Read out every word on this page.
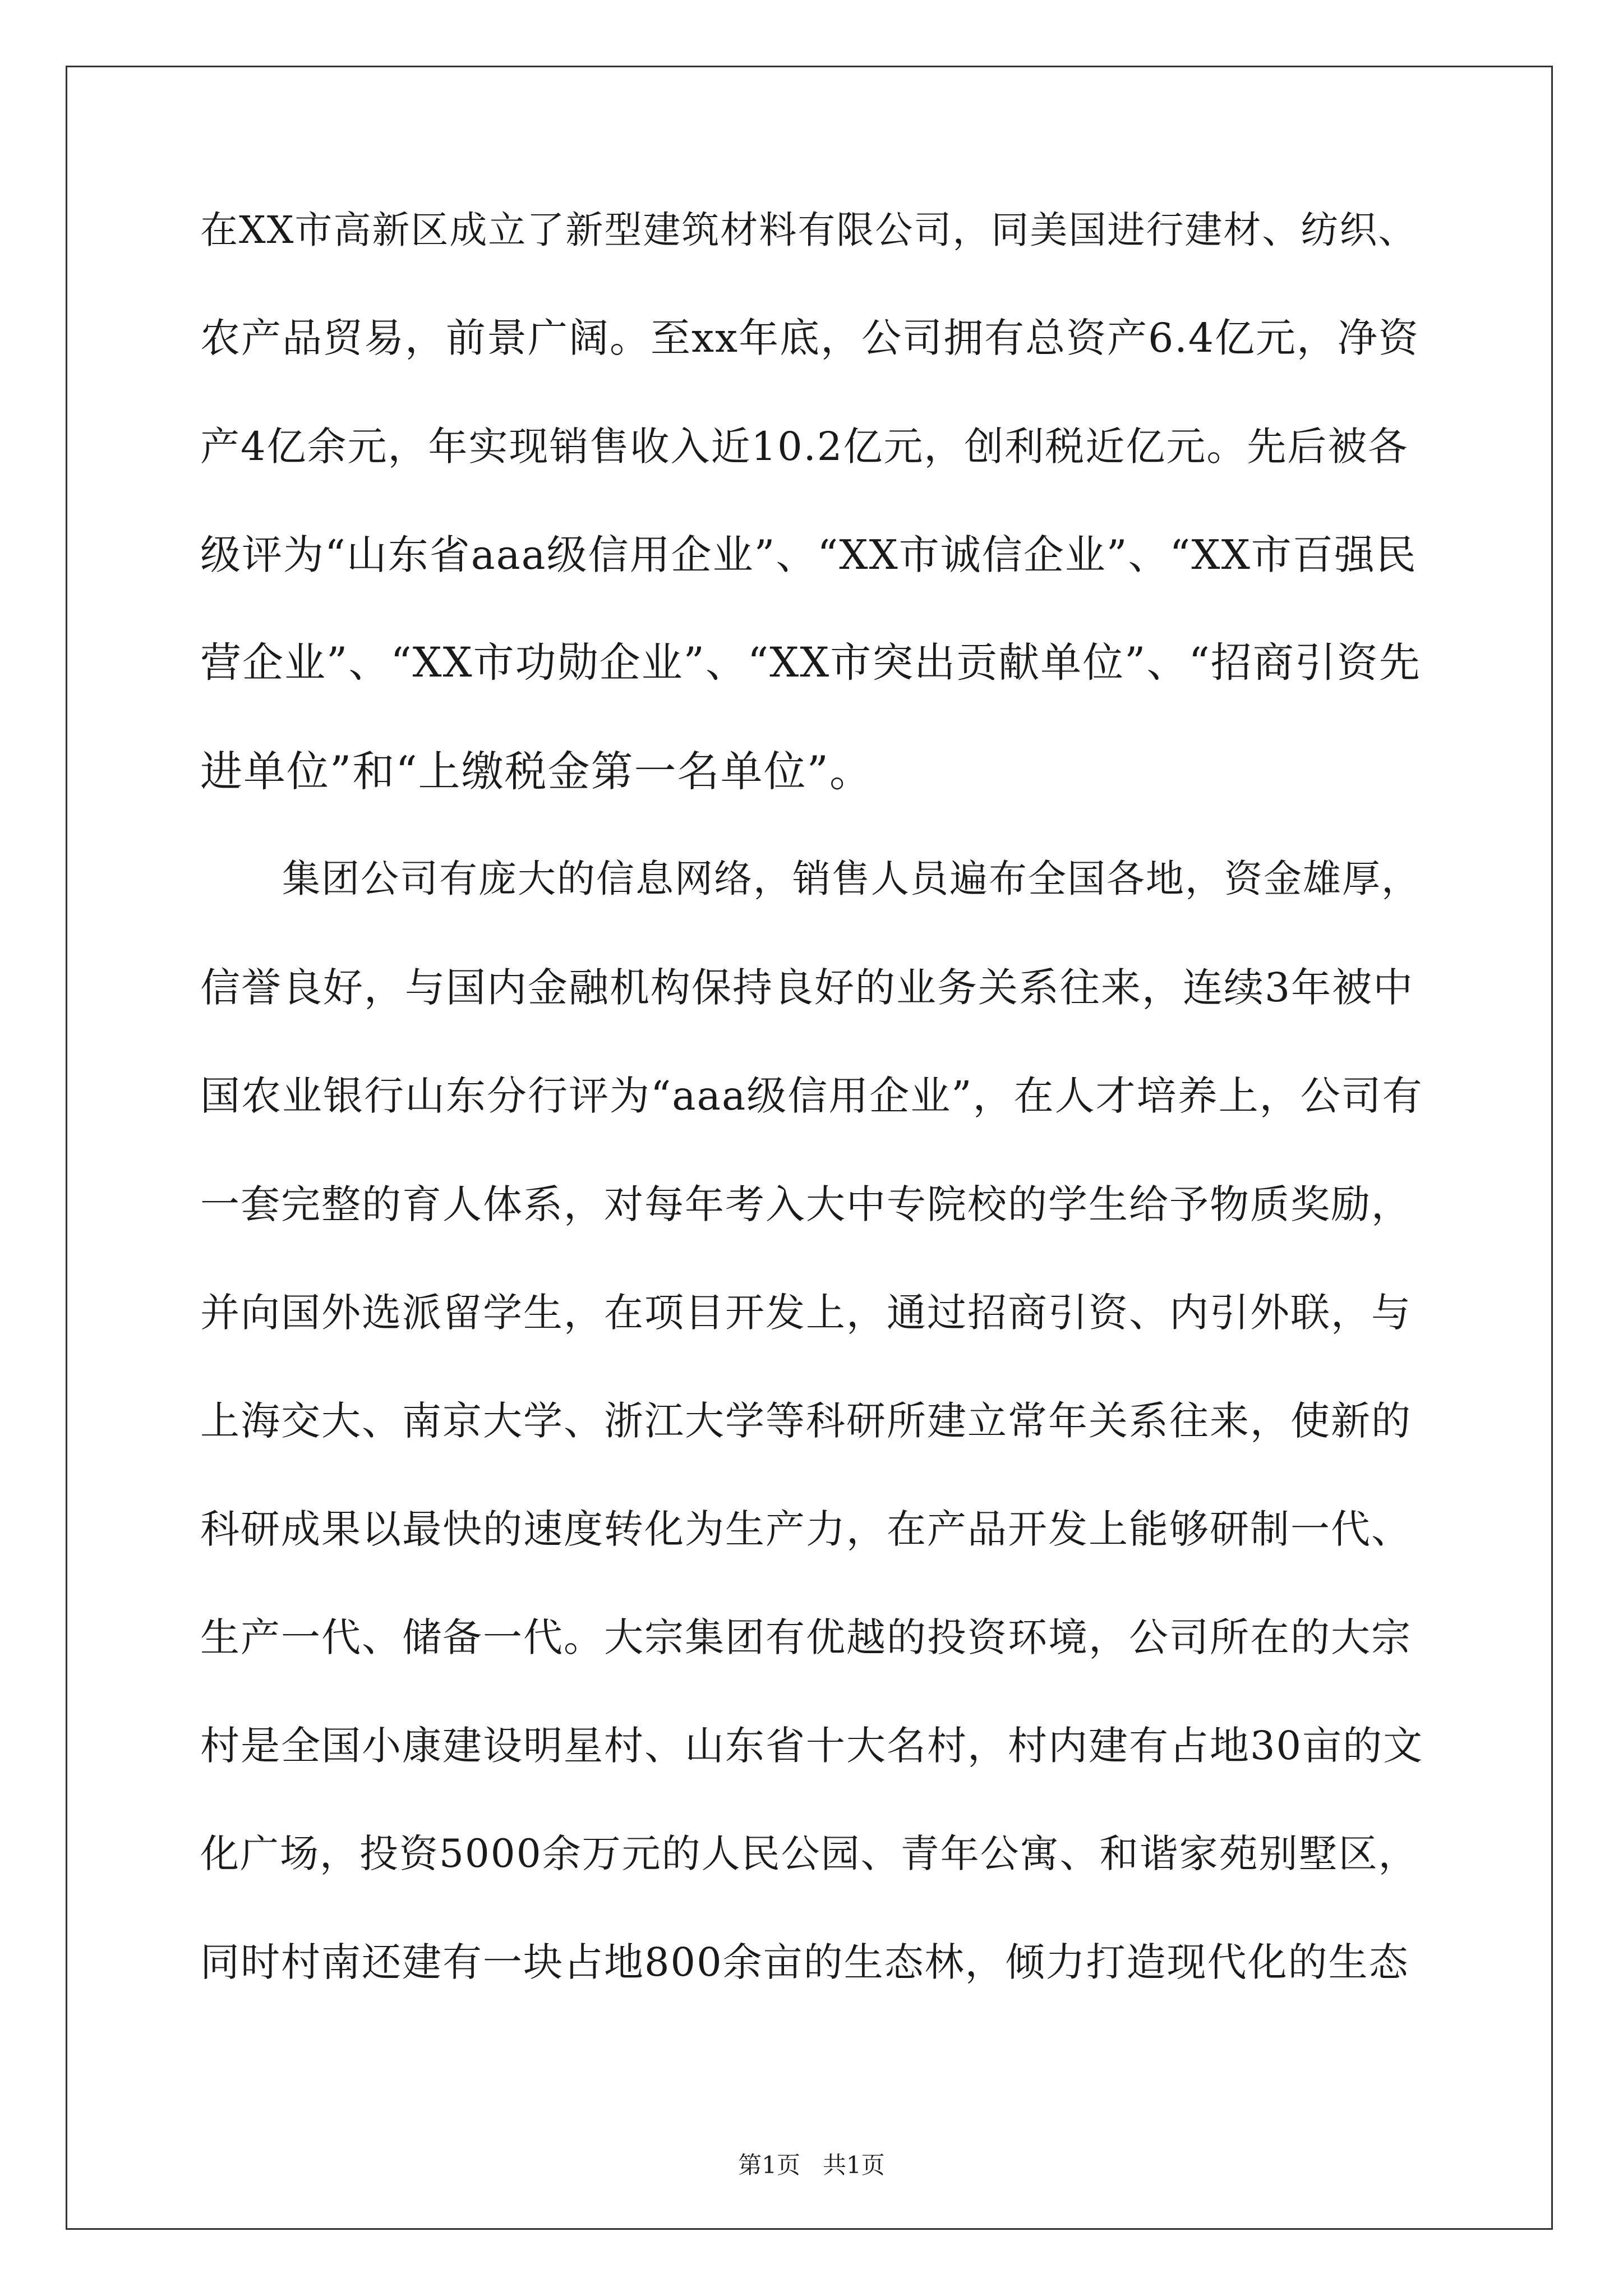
在XX市高新区成立了新型建筑材料有限公司，同美国进行建材、纺织、
农产品贸易，前景广阔。至xx年底，公司拥有总资产6.4亿元，净资
产4亿余元，年实现销售收入近10.2亿元，创利税近亿元。先后被各
级评为“山东省aaa级信用企业”、“XX市诚信企业”、“XX市百强民
营企业”、“XX市功勋企业”、“XX市突出贡献单位”、“招商引资先
进单位”和“上缴税金第一名单位”。
集团公司有庞大的信息网络，销售人员遍布全国各地，资金雄厚，
信誉良好，与国内金融机构保持良好的业务关系往来，连续3年被中
国农业银行山东分行评为“aaa级信用企业”，在人才培养上，公司有
一套完整的育人体系，对每年考入大中专院校的学生给予物质奖励，
并向国外选派留学生，在项目开发上，通过招商引资、内引外联，与
上海交大、南京大学、浙江大学等科研所建立常年关系往来，使新的
科研成果以最快的速度转化为生产力，在产品开发上能够研制一代、
生产一代、储备一代。大宗集团有优越的投资环境，公司所在的大宗
村是全国小康建设明星村、山东省十大名村，村内建有占地30亩的文
化广场，投资5000余万元的人民公园、青年公寓、和谐家苑别墅区，
同时村南还建有一块占地800余亩的生态林，倾力打造现代化的生态
第1页   共1页
